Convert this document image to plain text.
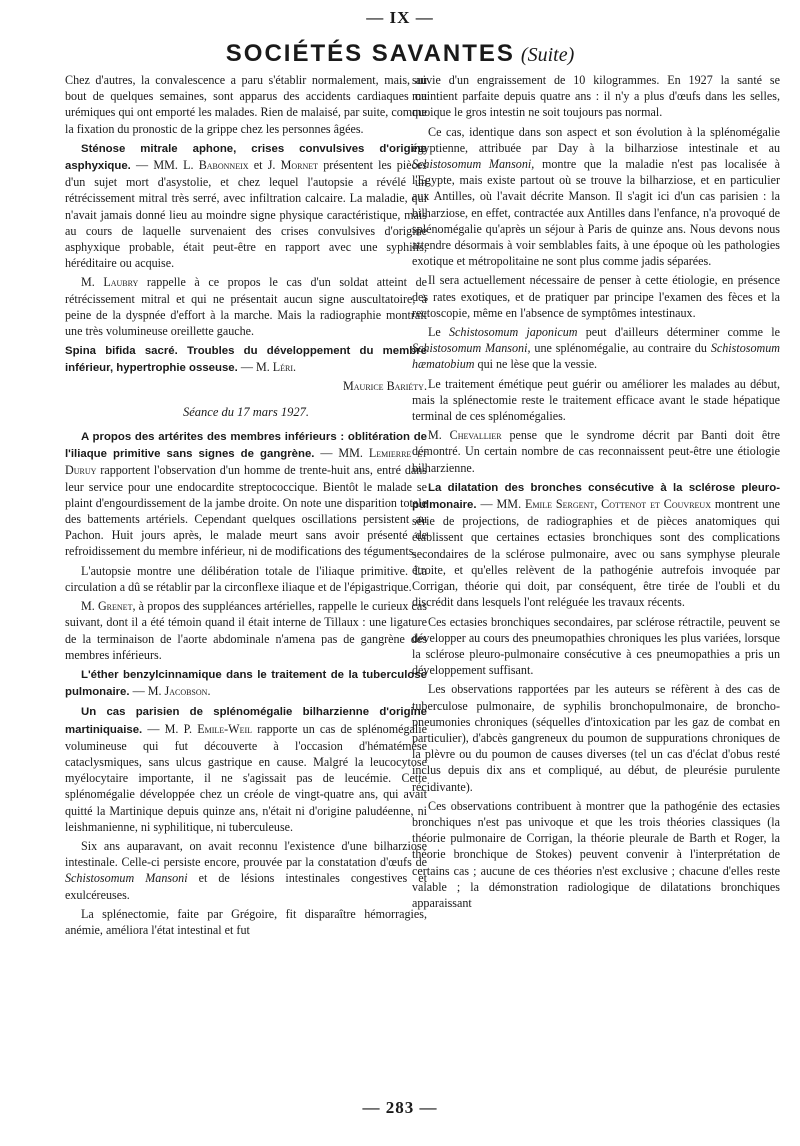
— IX —
SOCIÉTÉS SAVANTES (Suite)

Chez d'autres, la convalescence a paru s'établir normalement, mais, au bout de quelques semaines, sont apparus des accidents cardiaques ou urémiques qui ont emporté les malades. Rien de malaisé, par suite, comme la fixation du pronostic de la grippe chez les personnes âgées.

Sténose mitrale aphone, crises convulsives d'origine asphyxique. — MM. L. Babonneix et J. Mornet présentent les pièces d'un sujet mort d'asystolie, et chez lequel l'autopsie a révélé un rétrécissement mitral très serré, avec infiltration calcaire. La maladie, qui n'avait jamais donné lieu au moindre signe physique caractéristique, mais au cours de laquelle survenaient des crises convulsives d'origine asphyxique probable, était peut-être en rapport avec une syphilis, héréditaire ou acquise.

M. Laubry rappelle à ce propos le cas d'un soldat atteint de rétrécissement mitral et qui ne présentait aucun signe auscultatoire, à peine de la dyspnée d'effort à la marche. Mais la radiographie montrait une très volumineuse oreillette gauche.

Spina bifida sacré. Troubles du développement du membre inférieur, hypertrophie osseuse. — M. Léri.

Maurice Bariéty.

Séance du 17 mars 1927.

A propos des artérites des membres inférieurs : oblitération de l'iliaque primitive sans signes de gangrène. — MM. Lemierre et Duruy rapportent l'observation d'un homme de trente-huit ans, entré dans leur service pour une endocardite streptococcique. Bientôt le malade se plaint d'engourdissement de la jambe droite. On note une disparition totale des battements artériels. Cependant quelques oscillations persistent au Pachon. Huit jours après, le malade meurt sans avoir présenté de refroidissement du membre inférieur, ni de modifications des téguments.

L'autopsie montre une délibération totale de l'iliaque primitive. La circulation a dû se rétablir par la circonflexe iliaque et de l'épigastrique.

M. Grenet, à propos des suppléances artérielles, rappelle le curieux cas suivant, dont il a été témoin quand il était interne de Tillaux : une ligature de la terminaison de l'aorte abdominale n'amena pas de gangrène des membres inférieurs.

L'éther benzylcinnamique dans le traitement de la tuberculose pulmonaire. — M. Jacobson.

Un cas parisien de splénomégalie bilharzienne d'origine martiniquaise. — M. P. Emile-Weil rapporte un cas de splénomégalie volumineuse qui fut découverte à l'occasion d'hématémèse cataclysmiques, sans ulcus gastrique en cause. Malgré la leucocytose myélocytaire importante, il ne s'agissait pas de leucémie. Cette splénomégalie développée chez un créole de vingt-quatre ans, qui avait quitté la Martinique depuis quinze ans, n'était ni d'origine paludéenne, ni leishmanienne, ni syphilitique, ni tuberculeuse.

Six ans auparavant, on avait reconnu l'existence d'une bilharziose intestinale. Celle-ci persiste encore, prouvée par la constatation d'œufs de Schistosomum Mansoni et de lésions intestinales congestives et exulcéreuses.

La splénectomie, faite par Grégoire, fit disparaître hémorragies, anémie, améliora l'état intestinal et fut

suivie d'un engraissement de 10 kilogrammes. En 1927 la santé se maintient parfaite depuis quatre ans : il n'y a plus d'œufs dans les selles, quoique le gros intestin ne soit toujours pas normal.

Ce cas, identique dans son aspect et son évolution à la splénomégalie égyptienne, attribuée par Day à la bilharziose intestinale et au Schistosomum Mansoni, montre que la maladie n'est pas localisée à l'Egypte, mais existe partout où se trouve la bilharziose, et en particulier aux Antilles, où l'avait décrite Manson. Il s'agit ici d'un cas parisien : la bilharziose, en effet, contractée aux Antilles dans l'enfance, n'a provoqué de splénomégalie qu'après un séjour à Paris de quinze ans. Nous devons nous attendre désormais à voir semblables faits, à une époque où les pathologies exotique et métropolitaine ne sont plus comme jadis séparées.

Il sera actuellement nécessaire de penser à cette étiologie, en présence des rates exotiques, et de pratiquer par principe l'examen des fèces et la rectoscopie, même en l'absence de symptômes intestinaux.

Le Schistosomum japonicum peut d'ailleurs déterminer comme le Schistosomum Mansoni, une splénomégalie, au contraire du Schistosomum hæmatobium qui ne lèse que la vessie.

Le traitement émétique peut guérir ou améliorer les malades au début, mais la splénectomie reste le traitement efficace avant le stade hépatique terminal de ces splénomégalies.

M. Chevallier pense que le syndrome décrit par Banti doit être démontré. Un certain nombre de cas reconnaissent peut-être une étiologie bilharzienne.

La dilatation des bronches consécutive à la sclérose pleuro-pulmonaire. — MM. Emile Sergent, Cottenot et Couvreux montrent une série de projections, de radiographies et de pièces anatomiques qui établissent que certaines ectasies bronchiques sont des complications secondaires de la sclérose pulmonaire, avec ou sans symphyse pleurale étroite, et qu'elles relèvent de la pathogénie autrefois invoquée par Corrigan, théorie qui doit, par conséquent, être tirée de l'oubli et du discrédit dans lesquels l'ont reléguée les travaux récents.

Ces ectasies bronchiques secondaires, par sclérose rétractile, peuvent se développer au cours des pneumopathies chroniques les plus variées, lorsque la sclérose pleuro-pulmonaire consécutive à ces pneumopathies a pris un développement suffisant.

Les observations rapportées par les auteurs se réfèrent à des cas de tuberculose pulmonaire, de syphilis bronchopulmonaire, de broncho-pneumonies chroniques (séquelles d'intoxication par les gaz de combat en particulier), d'abcès gangreneux du poumon de suppurations chroniques de la plèvre ou du poumon de causes diverses (tel un cas d'éclat d'obus resté inclus depuis dix ans et compliqué, au début, de pleurésie purulente récidivante).

Ces observations contribuent à montrer que la pathogénie des ectasies bronchiques n'est pas univoque et que les trois théories classiques (la théorie pulmonaire de Corrigan, la théorie pleurale de Barth et Roger, la théorie bronchique de Stokes) peuvent convenir à l'interprétation de certains cas ; aucune de ces théories n'est exclusive ; chacune d'elles reste valable ; la démonstration radiologique de dilatations bronchiques apparaissant

— 283 —
